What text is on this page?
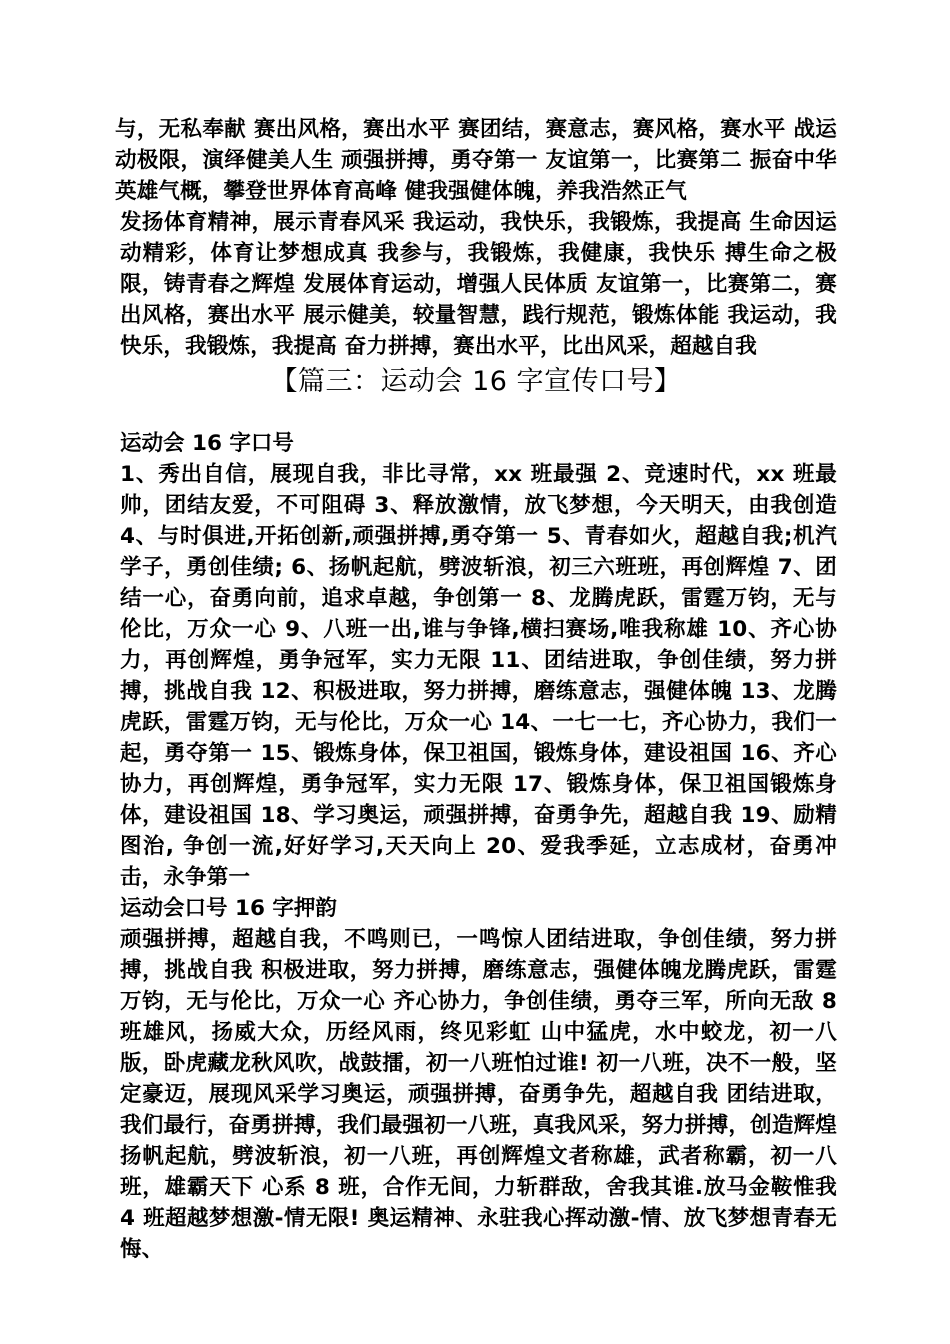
与，无私奉献 赛出风格，赛出水平 赛团结，赛意志，赛风格，赛水平 战运动极限，演绎健美人生 顽强拼搏，勇夺第一 友谊第一，比赛第二 振奋中华英雄气概，攀登世界体育高峰 健我强健体魄，养我浩然正气

发扬体育精神，展示青春风采 我运动，我快乐，我锻炼，我提高 生命因运动精彩，体育让梦想成真 我参与，我锻炼，我健康，我快乐 搏生命之极限，铸青春之辉煌 发展体育运动，增强人民体质 友谊第一，比赛第二，赛出风格，赛出水平 展示健美，较量智慧，践行规范，锻炼体能 我运动，我快乐，我锻炼，我提高 奋力拼搏，赛出水平，比出风采，超越自我

【篇三：运动会 16 字宣传口号】
运动会 16 字口号

1、秀出自信，展现自我，非比寻常，xx 班最强 2、竞速时代，xx 班最帅，团结友爱，不可阻碍 3、释放激情，放飞梦想，今天明天，由我创造 4、与时俱进,开拓创新,顽强拼搏,勇夺第一 5、青春如火，超越自我;机汽学子，勇创佳绩; 6、扬帆起航，劈波斩浪，初三六班班，再创辉煌 7、团结一心，奋勇向前，追求卓越，争创第一 8、龙腾虎跃，雷霆万钧，无与伦比，万众一心 9、八班一出,谁与争锋,横扫赛场,唯我称雄 10、齐心协力，再创辉煌，勇争冠军，实力无限 11、团结进取，争创佳绩，努力拼搏，挑战自我 12、积极进取，努力拼搏，磨练意志，强健体魄 13、龙腾虎跃，雷霆万钧，无与伦比，万众一心 14、一七一七，齐心协力，我们一起，勇夺第一 15、锻炼身体，保卫祖国，锻炼身体，建设祖国 16、齐心协力，再创辉煌，勇争冠军，实力无限 17、锻炼身体，保卫祖国锻炼身体，建设祖国 18、学习奥运，顽强拼搏，奋勇争先，超越自我 19、励精图治, 争创一流,好好学习,天天向上 20、爱我季延，立志成材，奋勇冲击，永争第一

运动会口号 16 字押韵

顽强拼搏，超越自我，不鸣则已，一鸣惊人团结进取，争创佳绩，努力拼搏，挑战自我 积极进取，努力拼搏，磨练意志，强健体魄龙腾虎跃，雷霆万钧，无与伦比，万众一心 齐心协力，争创佳绩，勇夺三军，所向无敌 8 班雄风，扬威大众，历经风雨，终见彩虹 山中猛虎，水中蛟龙，初一八版，卧虎藏龙秋风吹，战鼓擂，初一八班怕过谁! 初一八班，决不一般，坚定豪迈，展现风采学习奥运，顽强拼搏，奋勇争先，超越自我 团结进取，我们最行，奋勇拼搏，我们最强初一八班，真我风采，努力拼搏，创造辉煌 扬帆起航，劈波斩浪，初一八班，再创辉煌文者称雄，武者称霸，初一八班，雄霸天下 心系 8 班，合作无间，力斩群敌，舍我其谁.放马金鞍惟我 4 班超越梦想激-情无限! 奥运精神、永驻我心挥动激-情、放飞梦想青春无悔、
